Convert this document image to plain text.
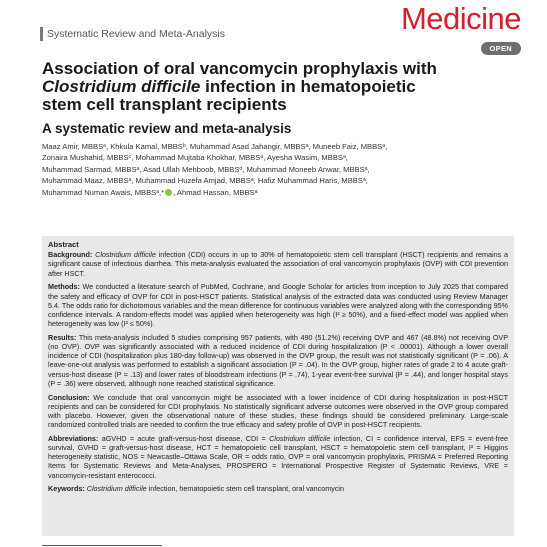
Systematic Review and Meta-Analysis	Medicine
OPEN
Association of oral vancomycin prophylaxis with
Clostridium difficile infection in hematopoietic
stem cell transplant recipients
A systematic review and meta-analysis
Maaz Amir, MBBSᵃ, Khkula Kamal, MBBSᵇ, Muhammad Asad Jahangir, MBBSᵃ, Muneeb Faiz, MBBSᵃ,
Zonaira Mushahid, MBBSᶜ, Mohammad Mujtaba Khokhar, MBBSᵃ, Ayesha Wasim, MBBSᵃ,
Muhammad Sarmad, MBBSᵃ, Asad Ullah Mehboob, MBBSᵈ, Muhammad Moneeb Anwar, MBBSᵃ,
Muhammad Maaz, MBBSᵃ, Muhammad Huzefa Amjad, MBBSᵃ, Hafiz Muhammad Haris, MBBSᵃ,
Muhammad Numan Awais, MBBSᵃ,* , Ahmad Hassan, MBBSᵃ
Abstract

Background: Clostridium difficile infection (CDI) occurs in up to 30% of hematopoietic stem cell transplant (HSCT) recipients and remains a significant cause of infectious diarrhea. This meta-analysis evaluated the association of oral vancomycin prophylaxis (OVP) with CDI prevention after HSCT.

Methods: We conducted a literature search of PubMed, Cochrane, and Google Scholar for articles from inception to July 2025 that compared the safety and efficacy of OVP for CDI in post-HSCT patients. Statistical analysis of the extracted data was conducted using Review Manager 5.4. The odds ratio for dichotomous variables and the mean difference for continuous variables were analyzed along with the corresponding 95% confidence intervals. A random-effects model was applied when heterogeneity was high (I² ≥ 50%), and a fixed-effect model was applied when heterogeneity was low (I² ≤ 50%).

Results: This meta-analysis included 5 studies comprising 957 patients, with 490 (51.2%) receiving OVP and 467 (48.8%) not receiving OVP (no OVP). OVP was significantly associated with a reduced incidence of CDI during hospitalization (P < .00001). Although a lower overall incidence of CDI (hospitalization plus 180-day follow-up) was observed in the OVP group, the result was not statistically significant (P = .06). A leave-one-out analysis was performed to establish a significant association (P = .04). In the OVP group, higher rates of grade 2 to 4 acute graft-versus-host disease (P = .13) and lower rates of bloodstream infections (P = .74), 1-year event-free survival (P = .44), and longer hospital stays (P = .36) were observed, although none reached statistical significance.

Conclusion: We conclude that oral vancomycin might be associated with a lower incidence of CDI during hospitalization in post-HSCT recipients and can be considered for CDI prophylaxis. No statistically significant adverse outcomes were observed in the OVP group compared with placebo. However, given the observational nature of these studies, these findings should be considered preliminary. Large-scale randomized controlled trials are needed to confirm the true efficacy and safety profile of OVP in post-HSCT recipients.

Abbreviations: aGVHD = acute graft-versus-host disease, CDI = Clostridium difficile infection, CI = confidence interval, EFS = event-free survival, GVHD = graft-versus-host disease, HCT = hematopoietic cell transplant, HSCT = hematopoietic stem cell transplant, I² = Higgins heterogeneity statistic, NOS = Newcastle–Ottawa Scale, OR = odds ratio, OVP = oral vancomycin prophylaxis, PRISMA = Preferred Reporting Items for Systematic Reviews and Meta-Analyses, PROSPERO = International Prospective Register of Systematic Reviews, VRE = vancomycin-resistant enterococci.

Keywords: Clostridium difficile infection, hematopoietic stem cell transplant, oral vancomycin
